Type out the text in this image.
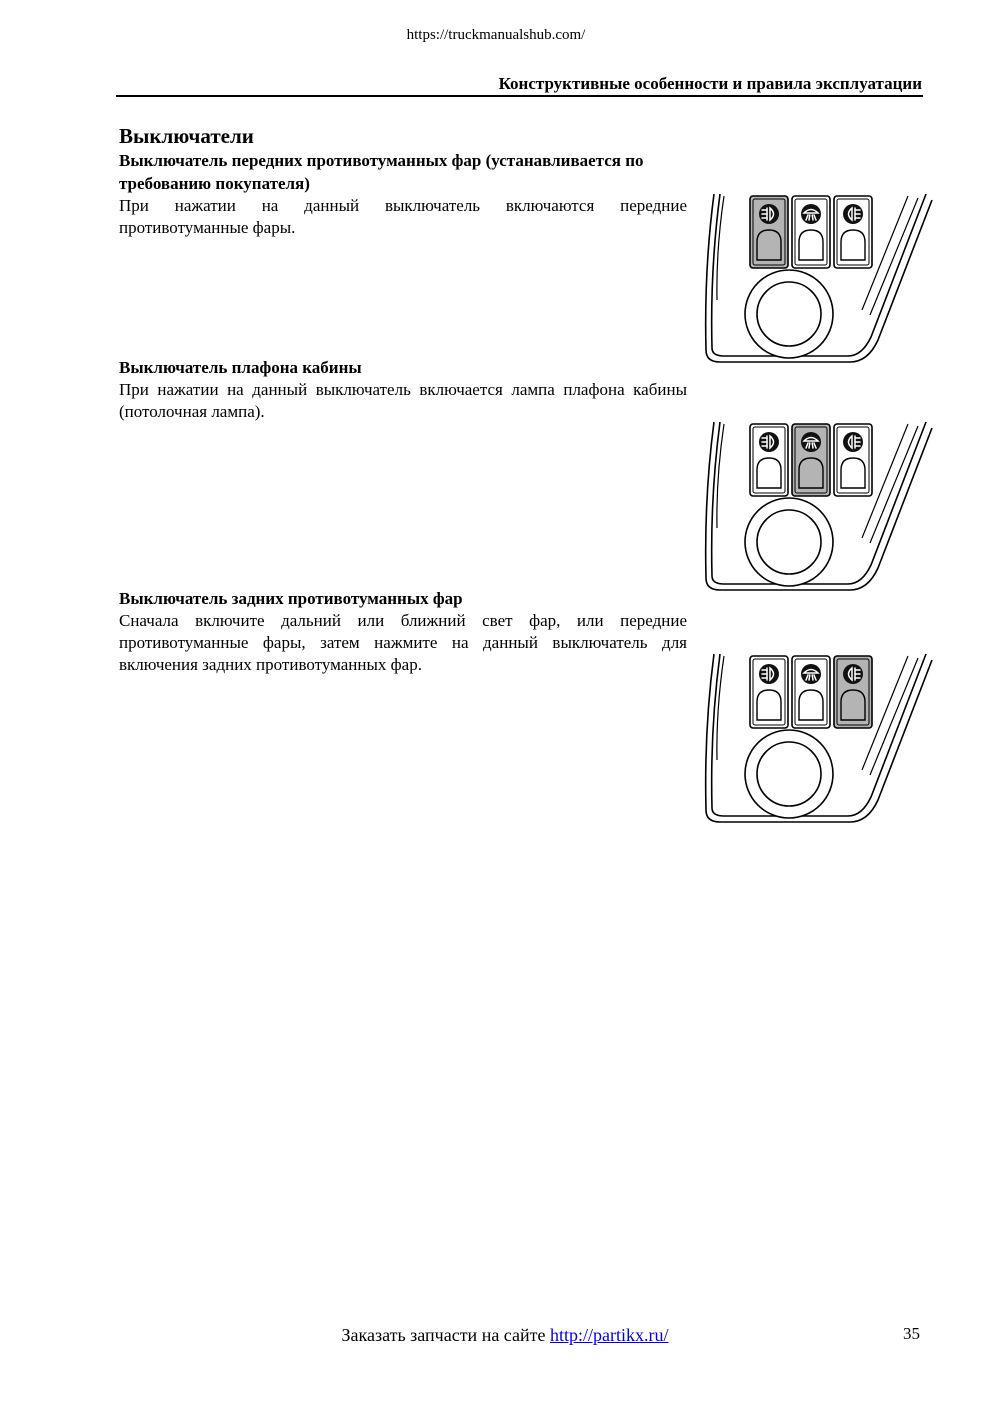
https://truckmanualshub.com/
Конструктивные особенности и правила эксплуатации
Выключатели
Выключатель передних противотуманных фар (устанавливается по требованию покупателя)

При нажатии на данный выключатель включаются передние противотуманные фары.

Выключатель плафона кабины

При нажатии на данный выключатель включается лампа плафона кабины (потолочная лампа).

Выключатель задних противотуманных фар

Сначала включите дальний или ближний свет фар, или передние противотуманные фары, затем нажмите на данный выключатель для включения задних противотуманных фар.

Заказать запчасти на сайте http://partikx.ru/	35
